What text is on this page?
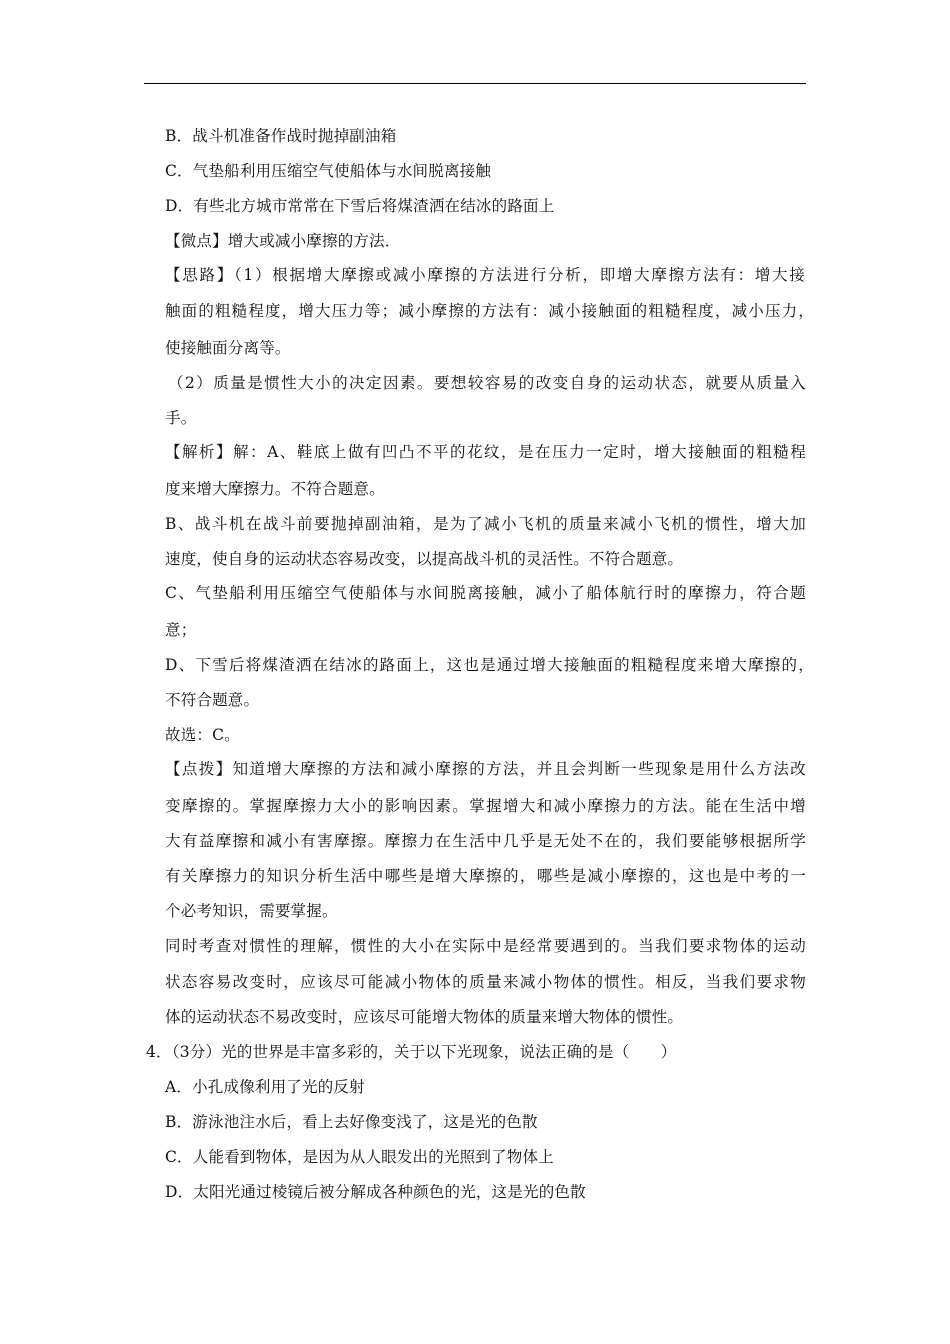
B．战斗机准备作战时抛掉副油箱
C．气垫船利用压缩空气使船体与水间脱离接触
D．有些北方城市常常在下雪后将煤渣洒在结冰的路面上
【微点】增大或减小摩擦的方法．
【思路】（1）根据增大摩擦或减小摩擦的方法进行分析，即增大摩擦方法有：增大接
触面的粗糙程度，增大压力等；减小摩擦的方法有：减小接触面的粗糙程度，减小压力，
使接触面分离等。
（2）质量是惯性大小的决定因素。要想较容易的改变自身的运动状态，就要从质量入
手。
【解析】解：A、鞋底上做有凹凸不平的花纹，是在压力一定时，增大接触面的粗糙程
度来增大摩擦力。不符合题意。
B、战斗机在战斗前要抛掉副油箱，是为了减小飞机的质量来减小飞机的惯性，增大加
速度，使自身的运动状态容易改变，以提高战斗机的灵活性。不符合题意。
C、气垫船利用压缩空气使船体与水间脱离接触，减小了船体航行时的摩擦力，符合题
意；
D、下雪后将煤渣洒在结冰的路面上，这也是通过增大接触面的粗糙程度来增大摩擦的，
不符合题意。
故选：C。
【点拨】知道增大摩擦的方法和减小摩擦的方法，并且会判断一些现象是用什么方法改
变摩擦的。掌握摩擦力大小的影响因素。掌握增大和减小摩擦力的方法。能在生活中增
大有益摩擦和减小有害摩擦。摩擦力在生活中几乎是无处不在的，我们要能够根据所学
有关摩擦力的知识分析生活中哪些是增大摩擦的，哪些是减小摩擦的，这也是中考的一
个必考知识，需要掌握。
同时考查对惯性的理解，惯性的大小在实际中是经常要遇到的。当我们要求物体的运动
状态容易改变时，应该尽可能减小物体的质量来减小物体的惯性。相反，当我们要求物
体的运动状态不易改变时，应该尽可能增大物体的质量来增大物体的惯性。
4．（3分）光的世界是丰富多彩的，关于以下光现象，说法正确的是（　　）
A．小孔成像利用了光的反射
B．游泳池注水后，看上去好像变浅了，这是光的色散
C．人能看到物体，是因为从人眼发出的光照到了物体上
D．太阳光通过棱镜后被分解成各种颜色的光，这是光的色散
